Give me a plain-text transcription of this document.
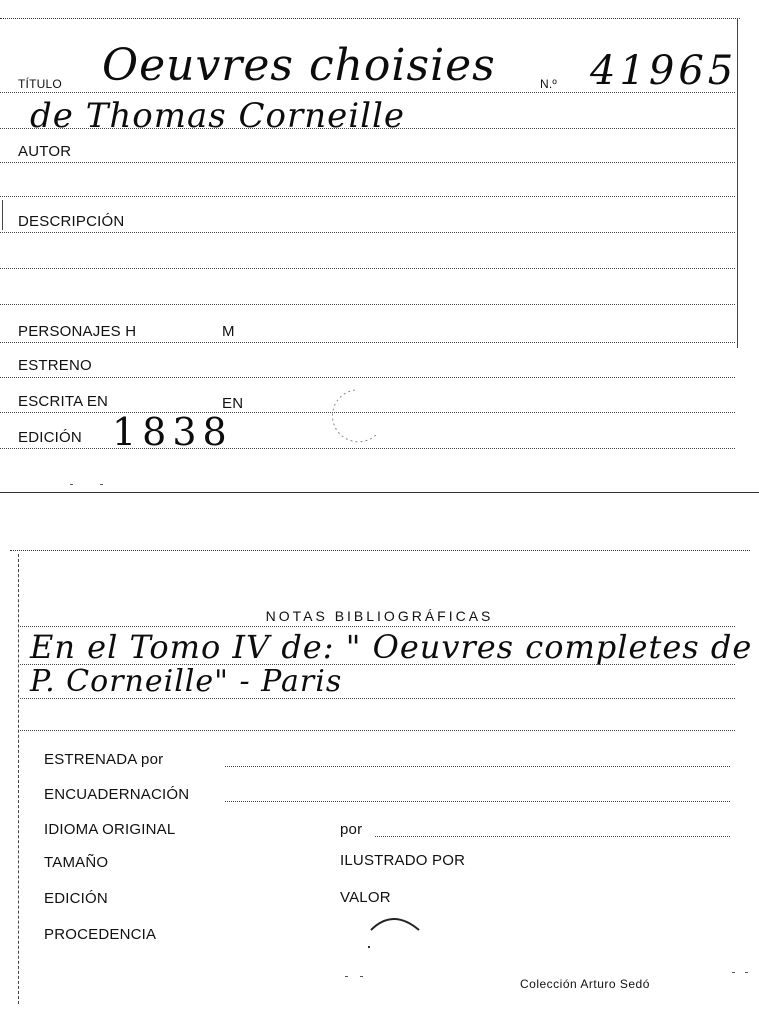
TÍTULO Oeuvres choisies	N.º 41965
de Thomas Corneille
AUTOR
DESCRIPCIÓN
PERSONAJES H	M
ESTRENO
ESCRITA EN	EN
EDICIÓN 1838
NOTAS BIBLIOGRÁFICAS
En el Tomo IV de: " Oeuvres completes de
P. Corneille" - Paris
ESTRENADA por
ENCUADERNACIÓN
IDIOMA ORIGINAL	por
TAMAÑO	ILUSTRADO POR
EDICIÓN	VALOR
PROCEDENCIA
Colección Arturo Sedó
